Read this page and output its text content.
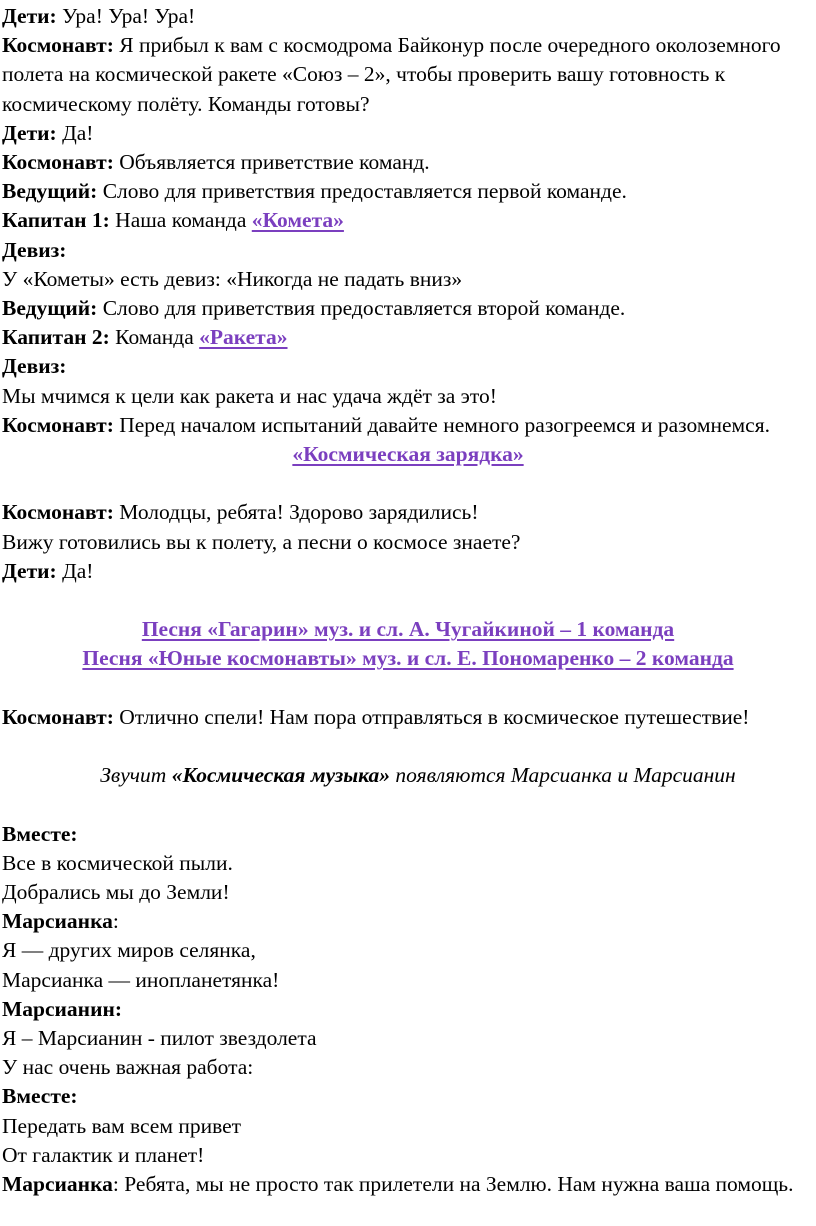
Дети: Ура! Ура! Ура!
Космонавт: Я прибыл к вам с космодрома Байконур после очередного околоземного полета на космической ракете «Союз – 2», чтобы проверить вашу готовность к космическому полёту. Команды готовы?
Дети: Да!
Космонавт: Объявляется приветствие команд.
Ведущий: Слово для приветствия предоставляется первой команде.
Капитан 1: Наша команда «Комета»
Девиз:
У «Кометы» есть девиз: «Никогда не падать вниз»
Ведущий: Слово для приветствия предоставляется второй команде.
Капитан 2: Команда «Ракета»
Девиз:
Мы мчимся к цели как ракета и нас удача ждёт за это!
Космонавт: Перед началом испытаний давайте немного разогреемся и разомнемся.
«Космическая зарядка»
Космонавт: Молодцы, ребята! Здорово зарядились!
Вижу готовились вы к полету, а песни о космосе знаете?
Дети: Да!
Песня «Гагарин» муз. и сл. А. Чугайкиной – 1 команда
Песня «Юные космонавты» муз. и сл. Е. Пономаренко – 2 команда
Космонавт: Отлично спели! Нам пора отправляться в космическое путешествие!
Звучит «Космическая музыка» появляются Марсианка и Марсианин
Вместе:
Все в космической пыли.
Добрались мы до Земли!
Марсианка:
Я — других миров селянка,
Марсианка — инопланетянка!
Марсианин:
Я – Марсианин - пилот звездолета
У нас очень важная работа:
Вместе:
Передать вам всем привет
От галактик и планет!
Марсианка: Ребята, мы не просто так прилетели на Землю. Нам нужна ваша помощь.
